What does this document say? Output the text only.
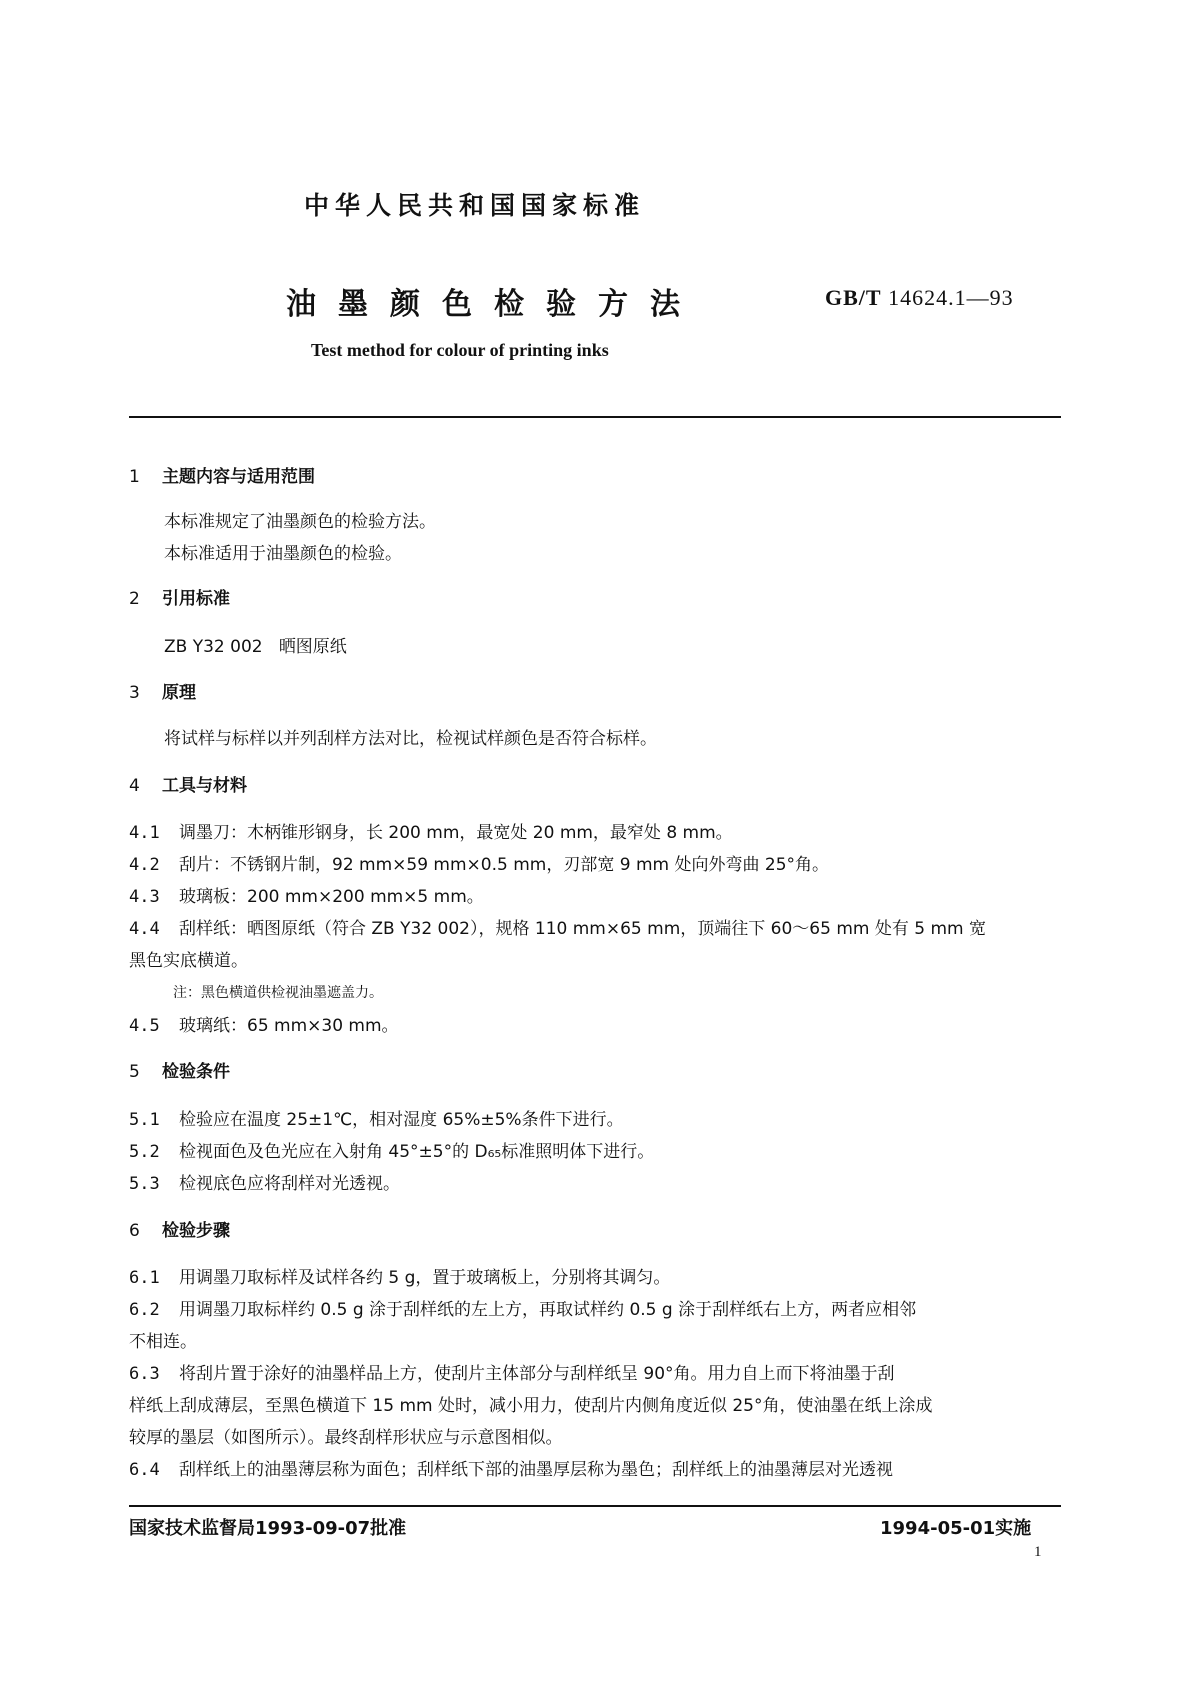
中华人民共和国国家标准
油墨颜色检验方法	GB/T 14624.1—93
Test method for colour of printing inks
1 主题内容与适用范围
本标准规定了油墨颜色的检验方法。
本标准适用于油墨颜色的检验。
2 引用标准
ZB Y32 002 晒图原纸
3 原理
将试样与标样以并列刮样方法对比，检视试样颜色是否符合标样。
4 工具与材料
4.1 调墨刀：木柄锥形钢身，长 200 mm，最宽处 20 mm，最窄处 8 mm。
4.2 刮片：不锈钢片制，92 mm×59 mm×0.5 mm，刃部宽 9 mm 处向外弯曲 25°角。
4.3 玻璃板：200 mm×200 mm×5 mm。
4.4 刮样纸：晒图原纸（符合 ZB Y32 002），规格 110 mm×65 mm，顶端往下 60～65 mm 处有 5 mm 宽
黑色实底横道。
注：黑色横道供检视油墨遮盖力。
4.5 玻璃纸：65 mm×30 mm。
5 检验条件
5.1 检验应在温度 25±1℃，相对湿度 65%±5%条件下进行。
5.2 检视面色及色光应在入射角 45°±5°的 D₆₅标准照明体下进行。
5.3 检视底色应将刮样对光透视。
6 检验步骤
6.1 用调墨刀取标样及试样各约 5 g，置于玻璃板上，分别将其调匀。
6.2 用调墨刀取标样约 0.5 g 涂于刮样纸的左上方，再取试样约 0.5 g 涂于刮样纸右上方，两者应相邻
不相连。
6.3 将刮片置于涂好的油墨样品上方，使刮片主体部分与刮样纸呈 90°角。用力自上而下将油墨于刮
样纸上刮成薄层，至黑色横道下 15 mm 处时，减小用力，使刮片内侧角度近似 25°角，使油墨在纸上涂成
较厚的墨层（如图所示）。最终刮样形状应与示意图相似。
6.4 刮样纸上的油墨薄层称为面色；刮样纸下部的油墨厚层称为墨色；刮样纸上的油墨薄层对光透视
国家技术监督局1993-09-07批准	1994-05-01实施
1
